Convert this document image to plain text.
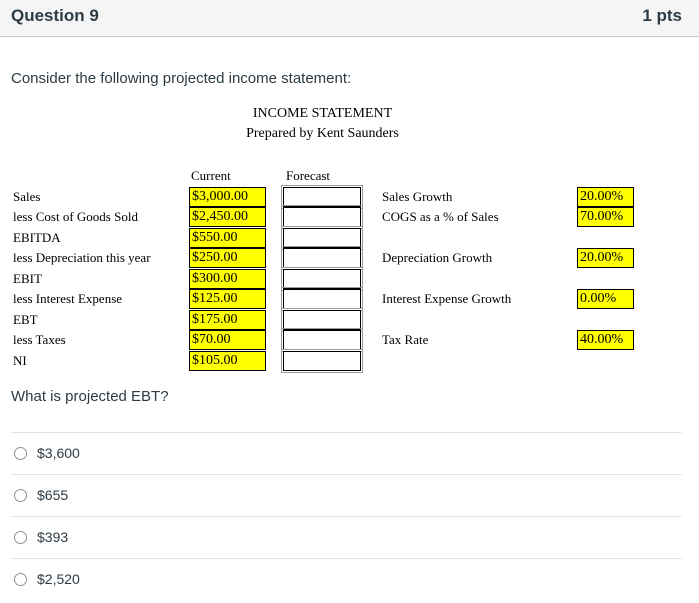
Question 9	1 pts
Consider the following projected income statement:
INCOME STATEMENT
Prepared by Kent Saunders
Current	Forecast
Sales
less Cost of Goods Sold
EBITDA
less Depreciation this year
EBIT
less Interest Expense
EBT
less Taxes
NI
$3,000.00
$2,450.00
$550.00
$250.00
$300.00
$125.00
$175.00
$70.00
$105.00
Sales Growth
COGS as a % of Sales
Depreciation Growth
Interest Expense Growth
Tax Rate
20.00%
70.00%
20.00%
0.00%
40.00%
What is projected EBT?
$3,600
$655
$393
$2,520
